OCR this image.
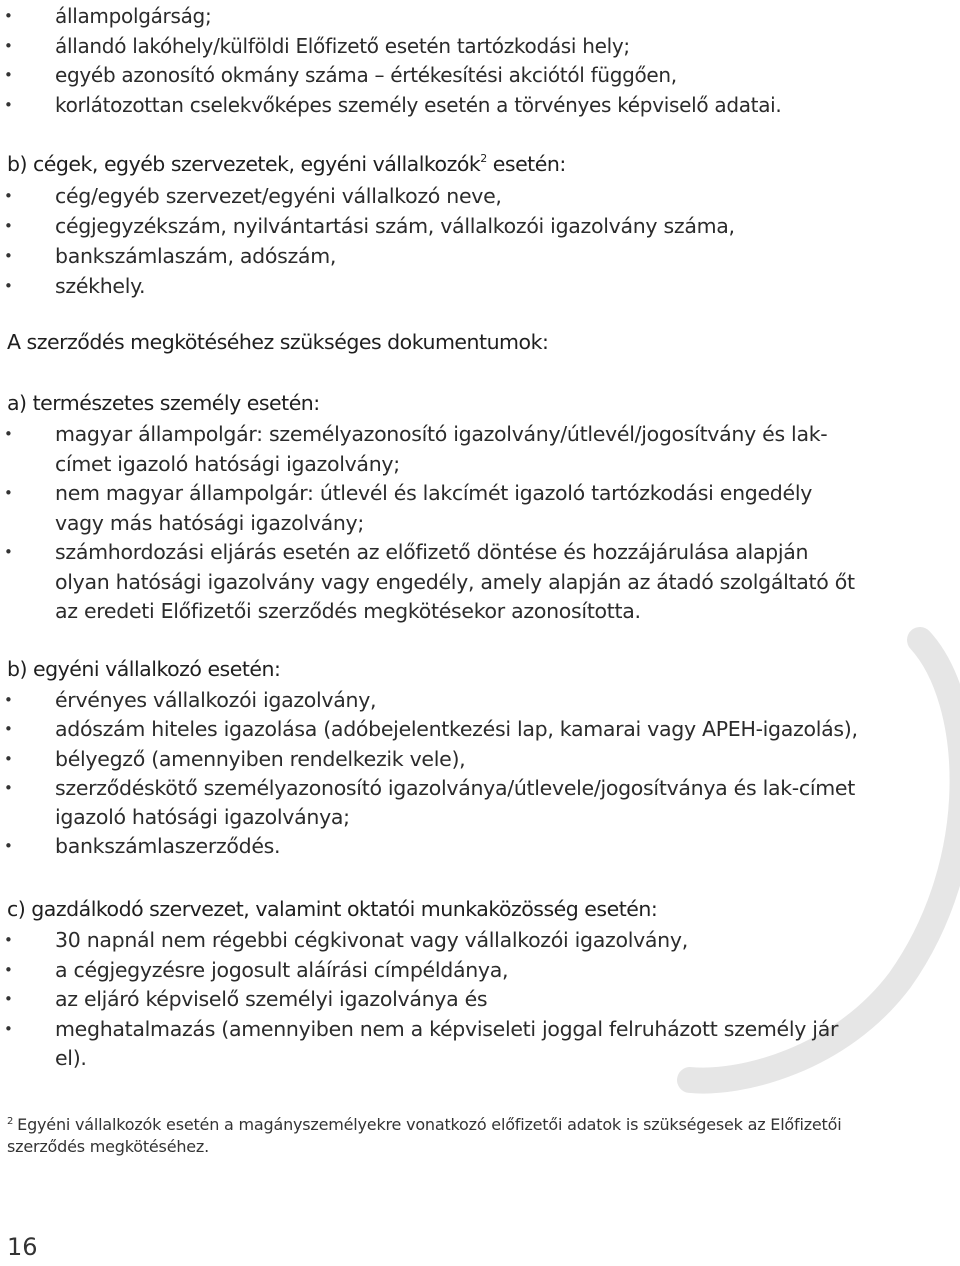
• állampolgárság;
• állandó lakóhely/külföldi Előfizető esetén tartózkodási hely;
• egyéb azonosító okmány száma – értékesítési akciótól függően,
• korlátozottan cselekvőképes személy esetén a törvényes képviselő adatai.
b) cégek, egyéb szervezetek, egyéni vállalkozók$^2$ esetén:
• cég/egyéb szervezet/egyéni vállalkozó neve,
• cégjegyzékszám, nyilvántartási szám, vállalkozói igazolvány száma,
• bankszámlaszám, adószám,
• székhely.
A szerződés megkötéséhez szükséges dokumentumok:
a) természetes személy esetén:
• magyar állampolgár: személyazonosító igazolvány/útlevél/jogosítvány és lak-címet igazoló hatósági igazolvány;
• nem magyar állampolgár: útlevél és lakcímét igazoló tartózkodási engedély vagy más hatósági igazolvány;
• számhordozási eljárás esetén az előfizető döntése és hozzájárulása alapján olyan hatósági igazolvány vagy engedély, amely alapján az átadó szolgáltató őt az eredeti Előfizetői szerződés megkötésekor azonosította.
b) egyéni vállalkozó esetén:
• érvényes vállalkozói igazolvány,
• adószám hiteles igazolása (adóbejelentkezési lap, kamarai vagy APEH-igazolás),
• bélyegző (amennyiben rendelkezik vele),
• szerződéskötő személyazonosító igazolványa/útlevele/jogosítványa és lak-címet igazoló hatósági igazolványa;
• bankszámlaszerződés.
c) gazdálkodó szervezet, valamint oktatói munkaközösség esetén:
• 30 napnál nem régebbi cégkivonat vagy vállalkozói igazolvány,
• a cégjegyzésre jogosult aláírási címpéldánya,
• az eljáró képviselő személyi igazolványa és
• meghatalmazás (amennyiben nem a képviseleti joggal felruházott személy jár el).

$^2$ Egyéni vállalkozók esetén a magányszemélyekre vonatkozó előfizetői adatok is szükségesek az Előfizetői szerződés megkötéséhez.

16
